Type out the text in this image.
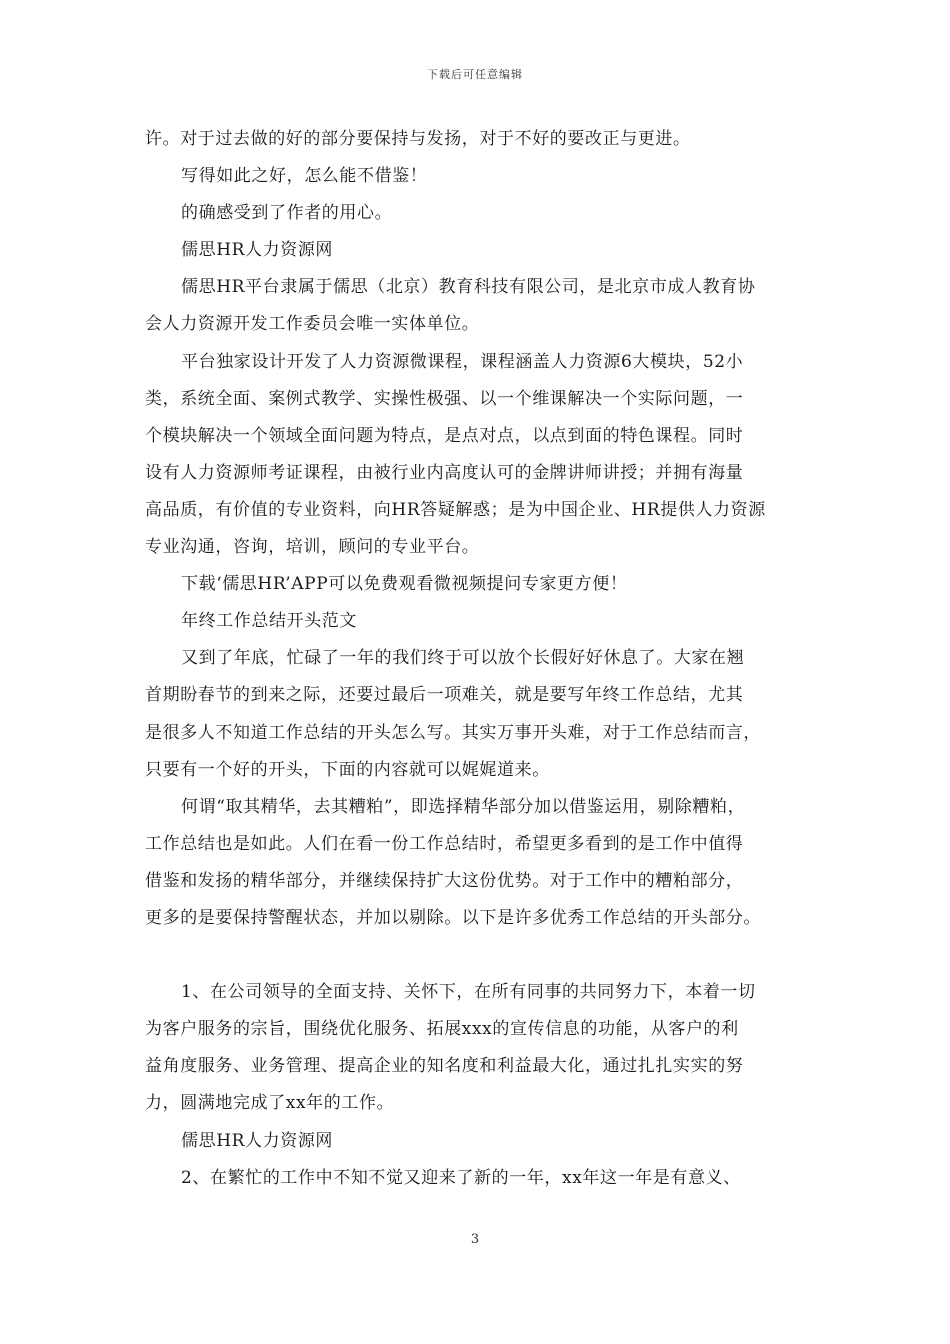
下载后可任意编辑
许。对于过去做的好的部分要保持与发扬，对于不好的要改正与更进。
写得如此之好，怎么能不借鉴！
的确感受到了作者的用心。
儒思HR人力资源网
儒思HR平台隶属于儒思（北京）教育科技有限公司，是北京市成人教育协
会人力资源开发工作委员会唯一实体单位。
平台独家设计开发了人力资源微课程，课程涵盖人力资源6大模块，52小
类，系统全面、案例式教学、实操性极强、以一个维课解决一个实际问题，一
个模块解决一个领域全面问题为特点，是点对点，以点到面的特色课程。同时
设有人力资源师考证课程，由被行业内高度认可的金牌讲师讲授；并拥有海量
高品质，有价值的专业资料，向HR答疑解惑；是为中国企业、HR提供人力资源
专业沟通，咨询，培训，顾问的专业平台。
下载‘儒思HR’APP可以免费观看微视频提问专家更方便！
年终工作总结开头范文
又到了年底，忙碌了一年的我们终于可以放个长假好好休息了。大家在翘
首期盼春节的到来之际，还要过最后一项难关，就是要写年终工作总结，尤其
是很多人不知道工作总结的开头怎么写。其实万事开头难，对于工作总结而言，
只要有一个好的开头，下面的内容就可以娓娓道来。
何谓“取其精华，去其糟粕”，即选择精华部分加以借鉴运用，剔除糟粕，
工作总结也是如此。人们在看一份工作总结时，希望更多看到的是工作中值得
借鉴和发扬的精华部分，并继续保持扩大这份优势。对于工作中的糟粕部分，
更多的是要保持警醒状态，并加以剔除。以下是许多优秀工作总结的开头部分。
1、在公司领导的全面支持、关怀下，在所有同事的共同努力下，本着一切
为客户服务的宗旨，围绕优化服务、拓展xxx的宣传信息的功能，从客户的利
益角度服务、业务管理、提高企业的知名度和利益最大化，通过扎扎实实的努
力，圆满地完成了xx年的工作。
儒思HR人力资源网
2、在繁忙的工作中不知不觉又迎来了新的一年，xx年这一年是有意义、
3
